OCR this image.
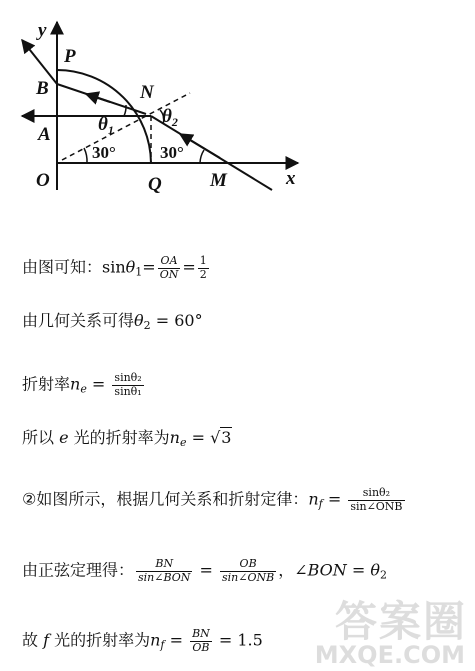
y
x
P
B	N
A
O	Q	M
$\theta_1$
$\theta_2$
30°	30°
由图可知：$\sin\theta_1= \frac{OA}{ON} = \frac{1}{2}$
由几何关系可得$\theta_2 = 60^\circ$
折射率$n_e = \frac{\text{sinθ₂}}{\text{sinθ₁}}$
所以 e 光的折射率为$n_e = √3$
②如图所示，根据几何关系和折射定律：$n_f = \frac{\text{sinθ₂}}{\text{sin∠ONB}}$
由正弦定理得： $\frac{BN}{\text{sin∠BON}} = \frac{OB}{\text{sin∠ONB}}$ ，∠BON = $\theta_2$
故 f 光的折射率为$n_f = \frac{BN}{OB} = 1.5$ 答案圈
MXQE.COM
